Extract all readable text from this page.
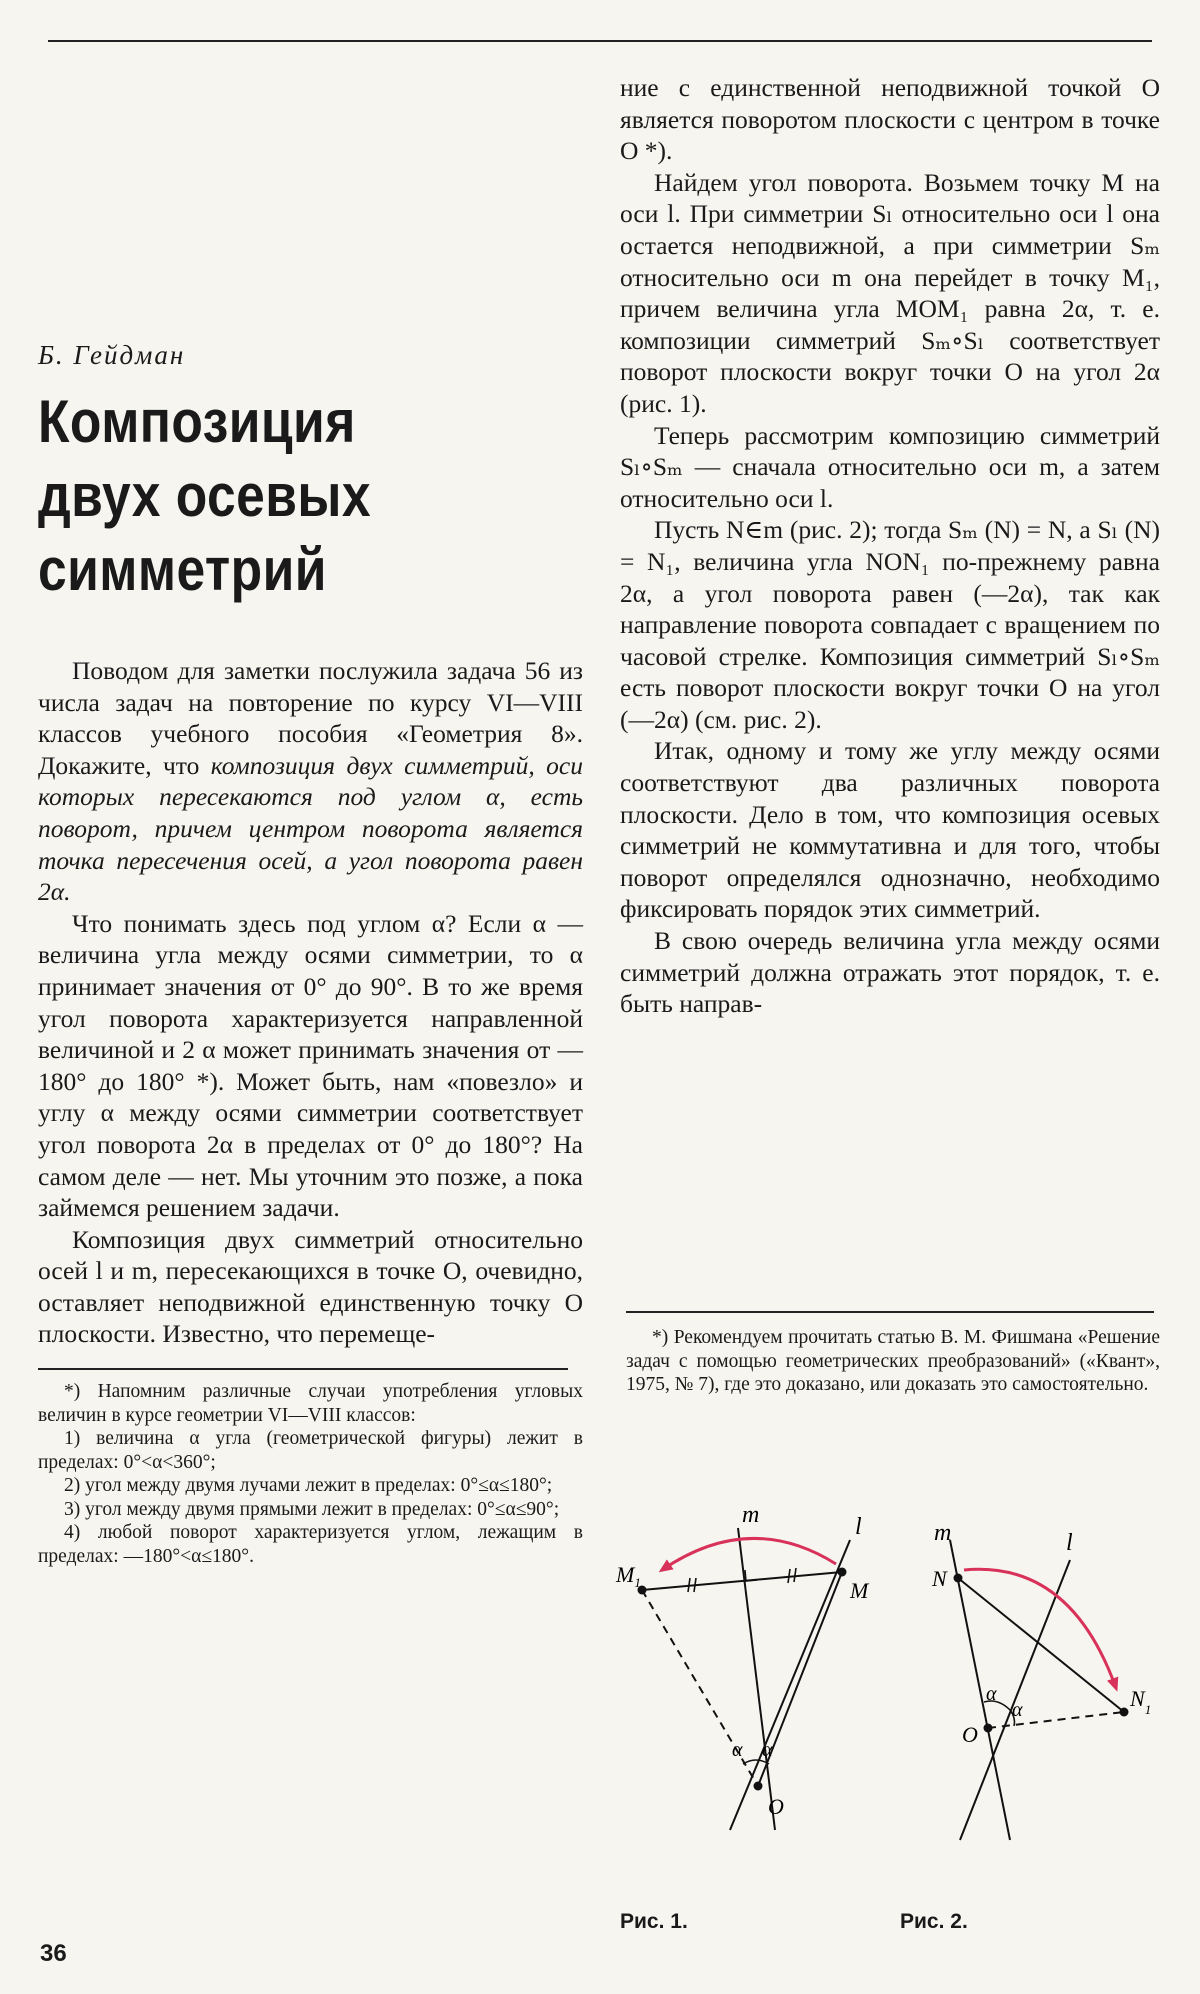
Б. Гейдман
Композиция
двух осевых
симметрий

Поводом для заметки послужила задача 56 из числа задач на повторение по курсу VI—VIII классов учебного пособия «Геометрия 8». Докажите, что композиция двух симметрий, оси которых пересекаются под углом α, есть поворот, причем центром поворота является точка пересечения осей, а угол поворота равен 2α.

Что понимать здесь под углом α? Если α — величина угла между осями симметрии, то α принимает значения от 0° до 90°. В то же время угол поворота характеризуется направленной величиной и 2 α может принимать значения от —180° до 180° *). Может быть, нам «повезло» и углу α между осями симметрии соответствует угол поворота 2α в пределах от 0° до 180°? На самом деле — нет. Мы уточним это позже, а пока займемся решением задачи.

Композиция двух симметрий относительно осей l и m, пересекающихся в точке O, очевидно, оставляет неподвижной единственную точку O плоскости. Известно, что перемеще-

*) Напомним различные случаи употребления угловых величин в курсе геометрии VI—VIII классов:

1) величина α угла (геометрической фигуры) лежит в пределах: 0°<α<360°;

2) угол между двумя лучами лежит в пределах: 0°≤α≤180°;

3) угол между двумя прямыми лежит в пределах: 0°≤α≤90°;

4) любой поворот характеризуется углом, лежащим в пределах: —180°<α≤180°.

ние с единственной неподвижной точкой O является поворотом плоскости с центром в точке O *).

Найдем угол поворота. Возьмем точку M на оси l. При симметрии Sₗ относительно оси l она остается неподвижной, а при симметрии Sₘ относительно оси m она перейдет в точку M₁, причем величина угла MOM₁ равна 2α, т. е. композиции симметрий Sₘ∘Sₗ соответствует поворот плоскости вокруг точки O на угол 2α (рис. 1).

Теперь рассмотрим композицию симметрий Sₗ∘Sₘ — сначала относительно оси m, а затем относительно оси l.

Пусть N∈m (рис. 2); тогда Sₘ (N) = N, а Sₗ (N) = N₁, величина угла NON₁ по-прежнему равна 2α, а угол поворота равен (—2α), так как направление поворота совпадает с вращением по часовой стрелке. Композиция симметрий Sₗ∘Sₘ есть поворот плоскости вокруг точки O на угол (—2α) (см. рис. 2).

Итак, одному и тому же углу между осями соответствуют два различных поворота плоскости. Дело в том, что композиция осевых симметрий не коммутативна и для того, чтобы поворот определялся однозначно, необходимо фиксировать порядок этих симметрий.

В свою очередь величина угла между осями симметрий должна отражать этот порядок, т. е. быть направ-

*) Рекомендуем прочитать статью В. М. Фишмана «Решение задач с помощью геометрических преобразований» («Квант», 1975, № 7), где это доказано, или доказать это самостоятельно.

m	l
$M_1$	M
O
α α
Рис. 1.
m	l
N
$N_1$
O
α
α
Рис. 2.
36
